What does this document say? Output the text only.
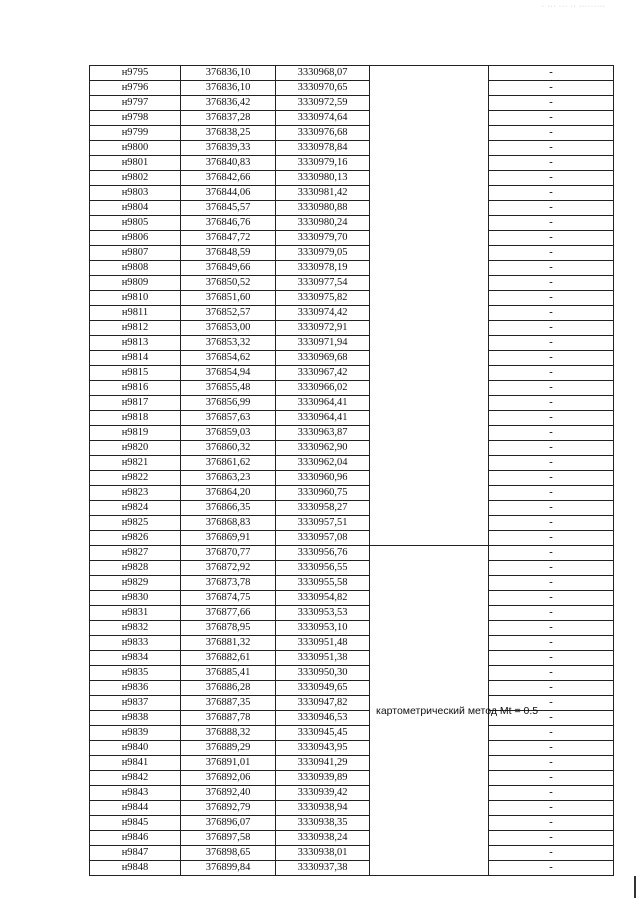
· ··· ··· ·· ·········
н9795	376836,10	3330968,07		-
н9796	376836,10	3330970,65		-
н9797	376836,42	3330972,59		-
н9798	376837,28	3330974,64		-
н9799	376838,25	3330976,68		-
н9800	376839,33	3330978,84		-
н9801	376840,83	3330979,16		-
н9802	376842,66	3330980,13		-
н9803	376844,06	3330981,42		-
н9804	376845,57	3330980,88		-
н9805	376846,76	3330980,24		-
н9806	376847,72	3330979,70		-
н9807	376848,59	3330979,05		-
н9808	376849,66	3330978,19		-
н9809	376850,52	3330977,54		-
н9810	376851,60	3330975,82		-
н9811	376852,57	3330974,42		-
н9812	376853,00	3330972,91		-
н9813	376853,32	3330971,94		-
н9814	376854,62	3330969,68		-
н9815	376854,94	3330967,42		-
н9816	376855,48	3330966,02		-
н9817	376856,99	3330964,41		-
н9818	376857,63	3330964,41		-
н9819	376859,03	3330963,87		-
н9820	376860,32	3330962,90		-
н9821	376861,62	3330962,04		-
н9822	376863,23	3330960,96		-
н9823	376864,20	3330960,75		-
н9824	376866,35	3330958,27		-
н9825	376868,83	3330957,51		-
н9826	376869,91	3330957,08		-
н9827	376870,77	3330956,76	картометрический метод Mt = 0.5	-
н9828	376872,92	3330956,55		-
н9829	376873,78	3330955,58		-
н9830	376874,75	3330954,82		-
н9831	376877,66	3330953,53		-
н9832	376878,95	3330953,10		-
н9833	376881,32	3330951,48		-
н9834	376882,61	3330951,38		-
н9835	376885,41	3330950,30		-
н9836	376886,28	3330949,65		-
н9837	376887,35	3330947,82		-
н9838	376887,78	3330946,53		-
н9839	376888,32	3330945,45		-
н9840	376889,29	3330943,95		-
н9841	376891,01	3330941,29		-
н9842	376892,06	3330939,89		-
н9843	376892,40	3330939,42		-
н9844	376892,79	3330938,94		-
н9845	376896,07	3330938,35		-
н9846	376897,58	3330938,24		-
н9847	376898,65	3330938,01		-
н9848	376899,84	3330937,38		-
